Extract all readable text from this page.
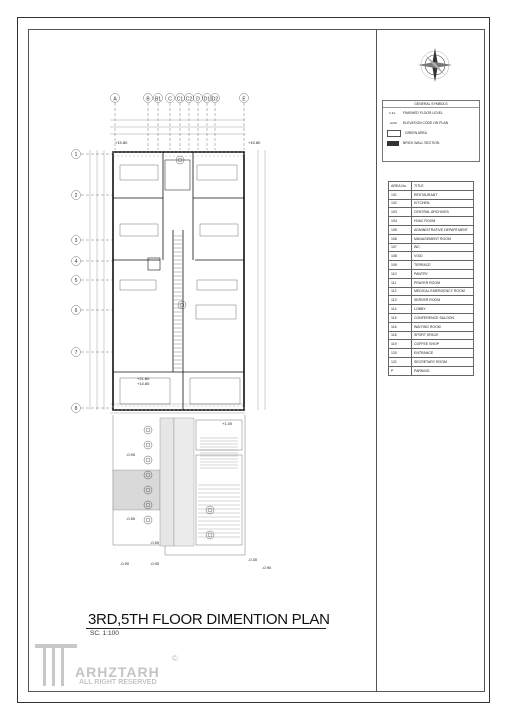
GENERAL SYMBOLS
F.F.L.	FINISHED FLOOR LEVEL
+0.00	ELEVATION CODE ON PLAN
GREEN AREA
BRICK WALL SECTION
AREA No.	TITLE
101	RESTAURANT
102	KITCHEN
103	CENTRAL ARCHIVES
104	HVAC ROOM
105	ADMINISTRATIVE DEPARTMENT
106	MANAGEMENT ROOM
107	WC
108	VOID
109	TERRACE
110	PANTRY
111	PRAYER ROOM
112	MEDICAL EMERGENCY ROOM
113	SERVER ROOM
114	LOBBY
115	CONFERENCE SALOON
116	WAITING ROOM
118	SPORT SPACE
119	COFFEE SHOP
120	ENTRANCE
121	SECRETARY ROOM
P	PARKING
A	B B1 C C1 C2 D D1 D2	E
1
2
3
4
5
6
7
8
+15.80	+15.80
+21.80
+14.80
+1.00
-0.90
-0.50
-0.50
-0.90	-0.90
-0.30
-0.90
3RD,5TH FLOOR DIMENTION PLAN
SC. 1:100
ARHZTARH
©
ALL RIGHT RESERVED
